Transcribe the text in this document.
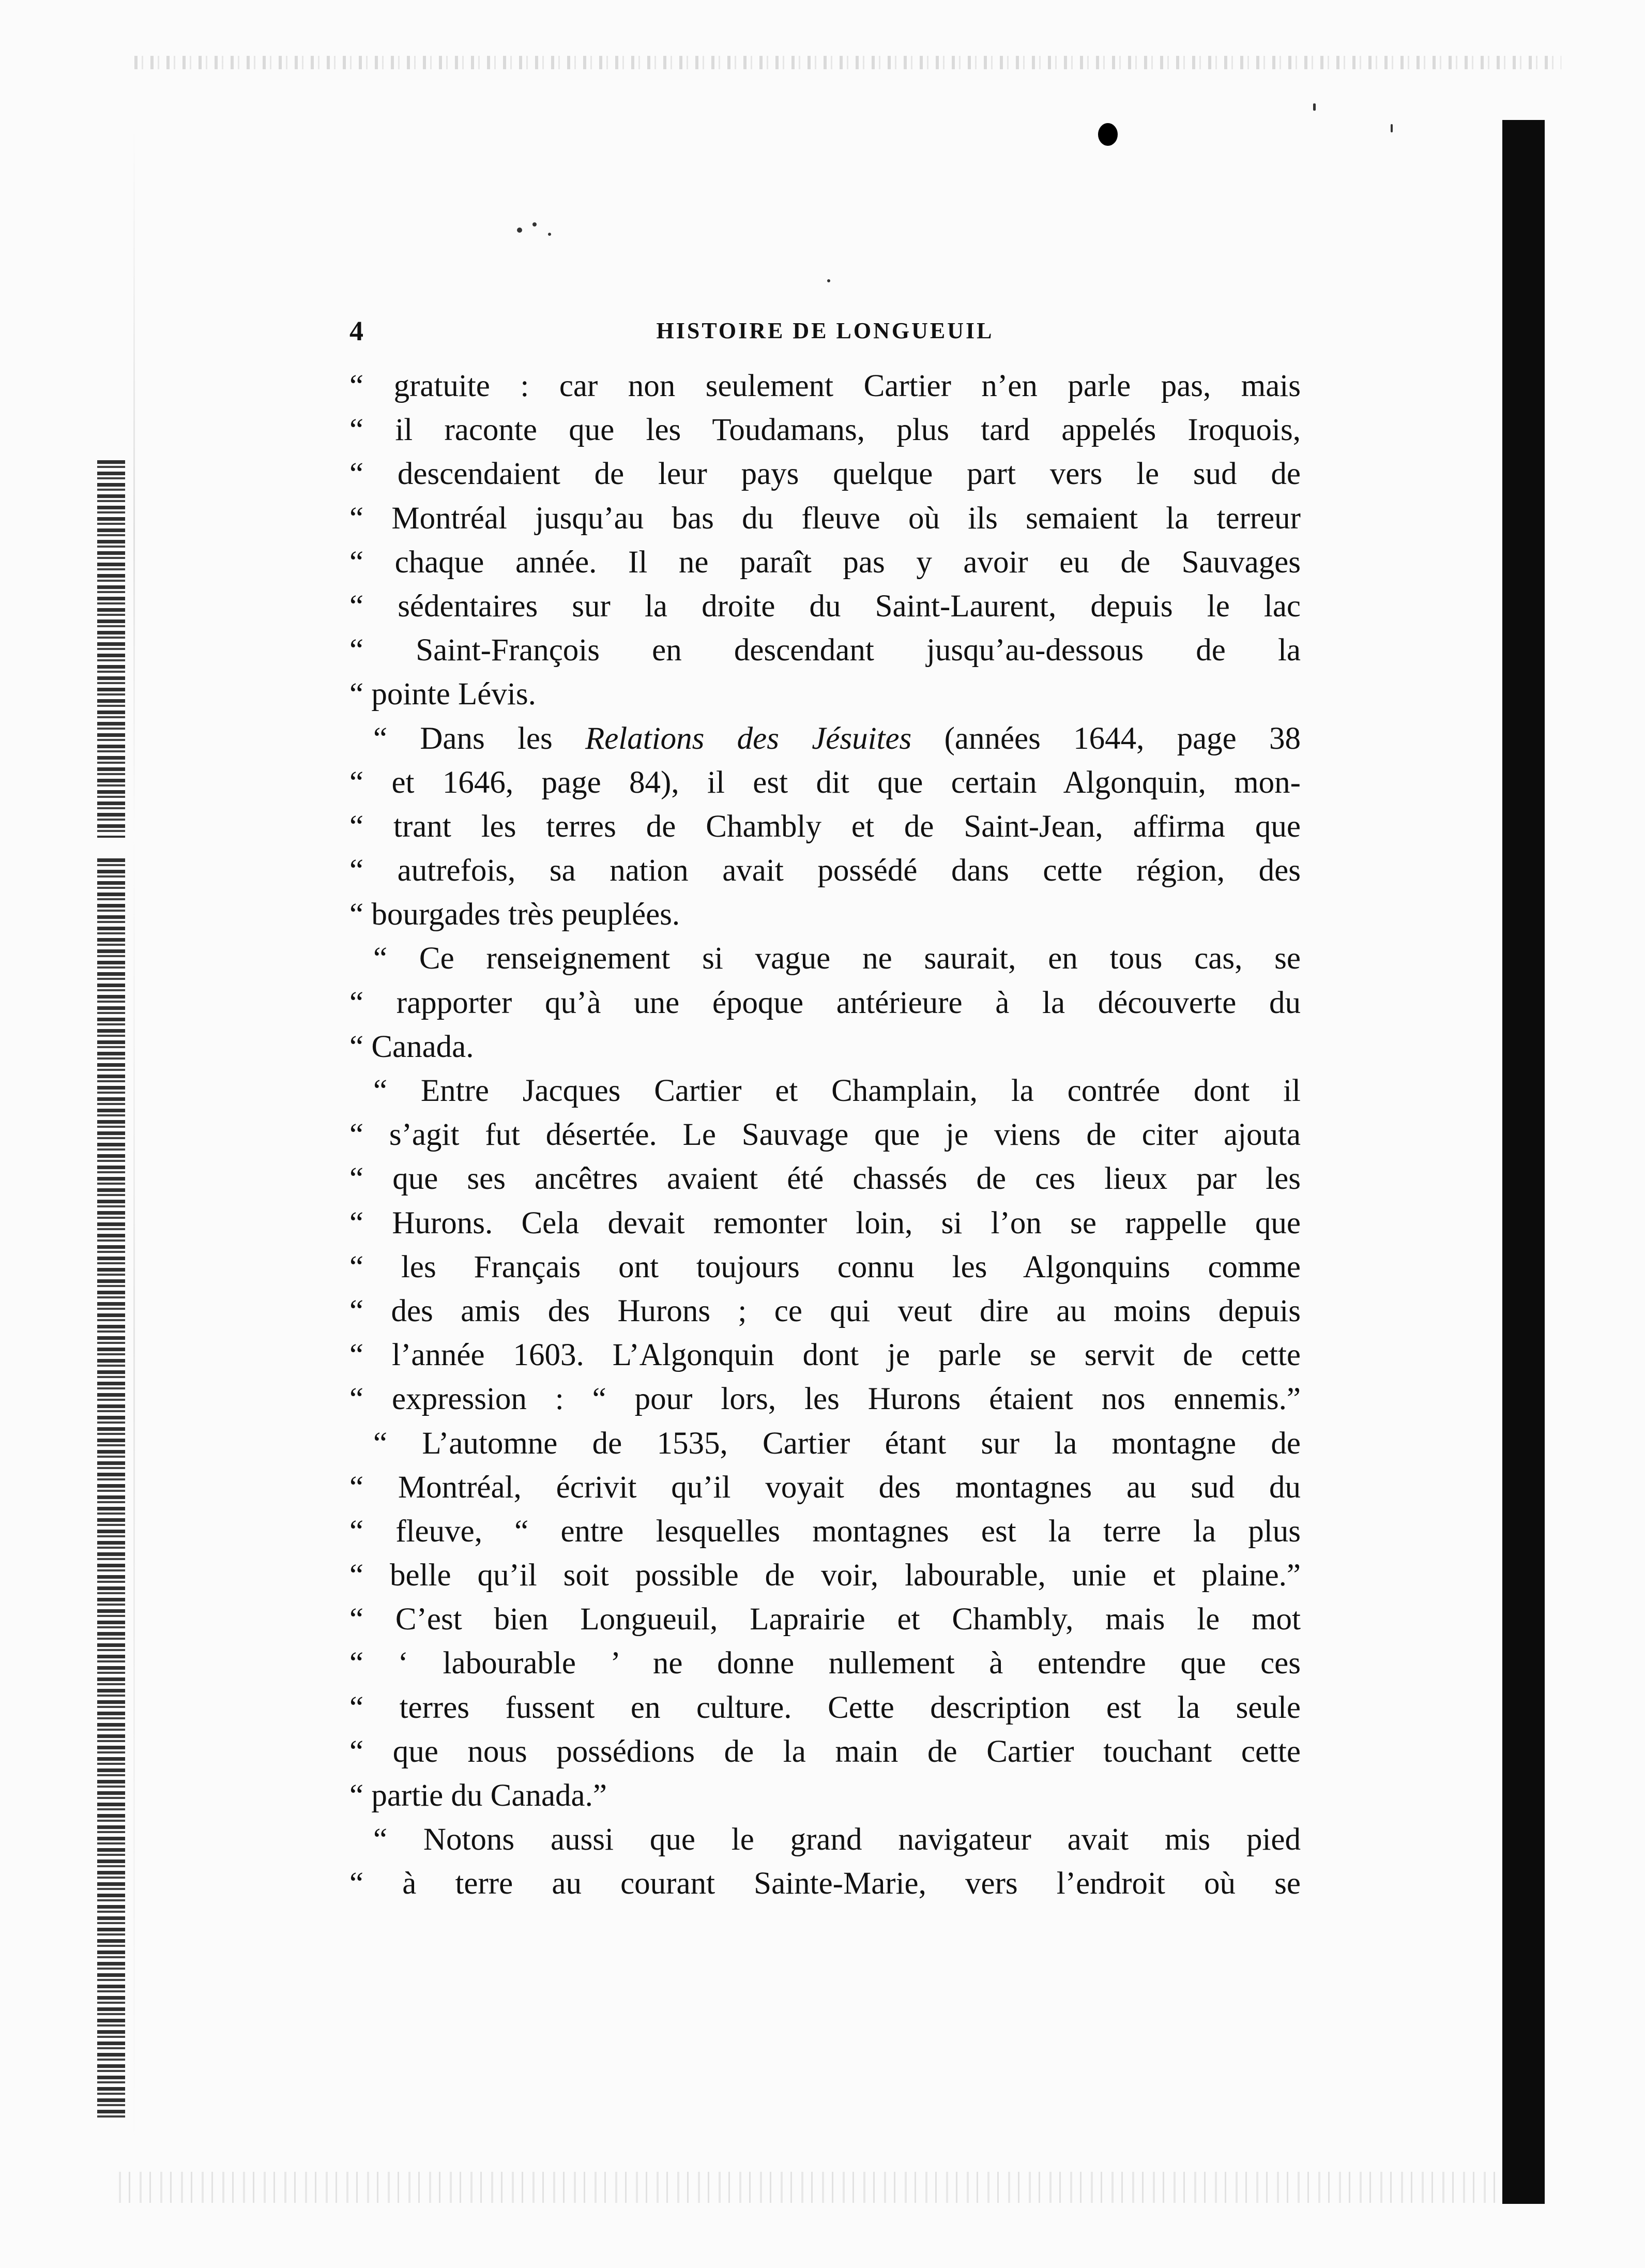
4	HISTOIRE DE LONGUEUIL
“ gratuite : car non seulement Cartier n’en parle pas, mais
“ il raconte que les Toudamans, plus tard appelés Iroquois,
“ descendaient de leur pays quelque part vers le sud de
“ Montréal jusqu’au bas du fleuve où ils semaient la terreur
“ chaque année. Il ne paraît pas y avoir eu de Sauvages
“ sédentaires sur la droite du Saint-Laurent, depuis le lac
“ Saint-François en descendant jusqu’au-dessous de la
“ pointe Lévis.
“ Dans les Relations des Jésuites (années 1644, page 38
“ et 1646, page 84), il est dit que certain Algonquin, mon-
“ trant les terres de Chambly et de Saint-Jean, affirma que
“ autrefois, sa nation avait possédé dans cette région, des
“ bourgades très peuplées.
“ Ce renseignement si vague ne saurait, en tous cas, se
“ rapporter qu’à une époque antérieure à la découverte du
“ Canada.
“ Entre Jacques Cartier et Champlain, la contrée dont il
“ s’agit fut désertée. Le Sauvage que je viens de citer ajouta
“ que ses ancêtres avaient été chassés de ces lieux par les
“ Hurons. Cela devait remonter loin, si l’on se rappelle que
“ les Français ont toujours connu les Algonquins comme
“ des amis des Hurons ; ce qui veut dire au moins depuis
“ l’année 1603. L’Algonquin dont je parle se servit de cette
“ expression : “ pour lors, les Hurons étaient nos ennemis.”
“ L’automne de 1535, Cartier étant sur la montagne de
“ Montréal, écrivit qu’il voyait des montagnes au sud du
“ fleuve, “ entre lesquelles montagnes est la terre la plus
“ belle qu’il soit possible de voir, labourable, unie et plaine.”
“ C’est bien Longueuil, Laprairie et Chambly, mais le mot
“ ‘ labourable ’ ne donne nullement à entendre que ces
“ terres fussent en culture. Cette description est la seule
“ que nous possédions de la main de Cartier touchant cette
“ partie du Canada.”
“ Notons aussi que le grand navigateur avait mis pied
“ à terre au courant Sainte-Marie, vers l’endroit où se
